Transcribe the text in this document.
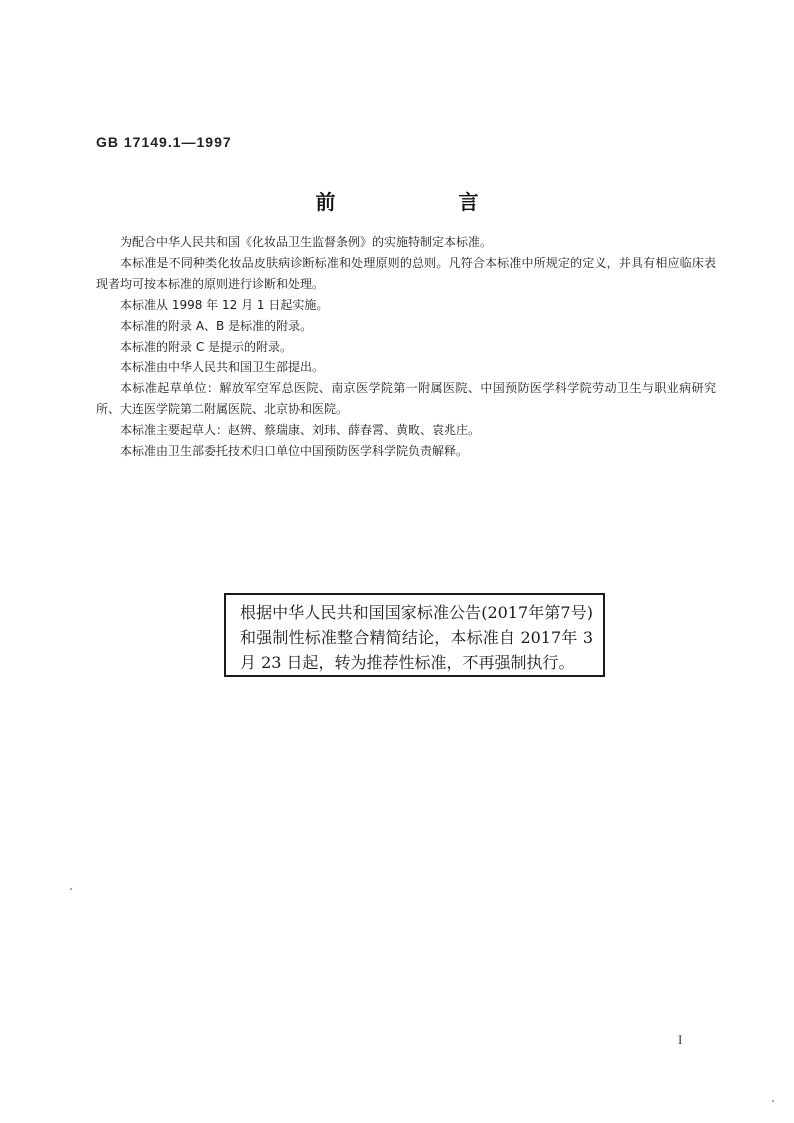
GB 17149.1—1997
前 言

为配合中华人民共和国《化妆品卫生监督条例》的实施特制定本标准。

本标准是不同种类化妆品皮肤病诊断标准和处理原则的总则。凡符合本标准中所规定的定义，并具有相应临床表现者均可按本标准的原则进行诊断和处理。

本标准从 1998 年 12 月 1 日起实施。

本标准的附录 A、B 是标准的附录。

本标准的附录 C 是提示的附录。

本标准由中华人民共和国卫生部提出。

本标准起草单位：解放军空军总医院、南京医学院第一附属医院、中国预防医学科学院劳动卫生与职业病研究所、大连医学院第二附属医院、北京协和医院。

本标准主要起草人：赵辨、蔡瑞康、刘玮、薛春霄、黄畋、袁兆庄。

本标准由卫生部委托技术归口单位中国预防医学科学院负责解释。

根据中华人民共和国国家标准公告(2017年第7号)和强制性标准整合精简结论，本标准自 2017年 3 月 23 日起，转为推荐性标准，不再强制执行。
I
